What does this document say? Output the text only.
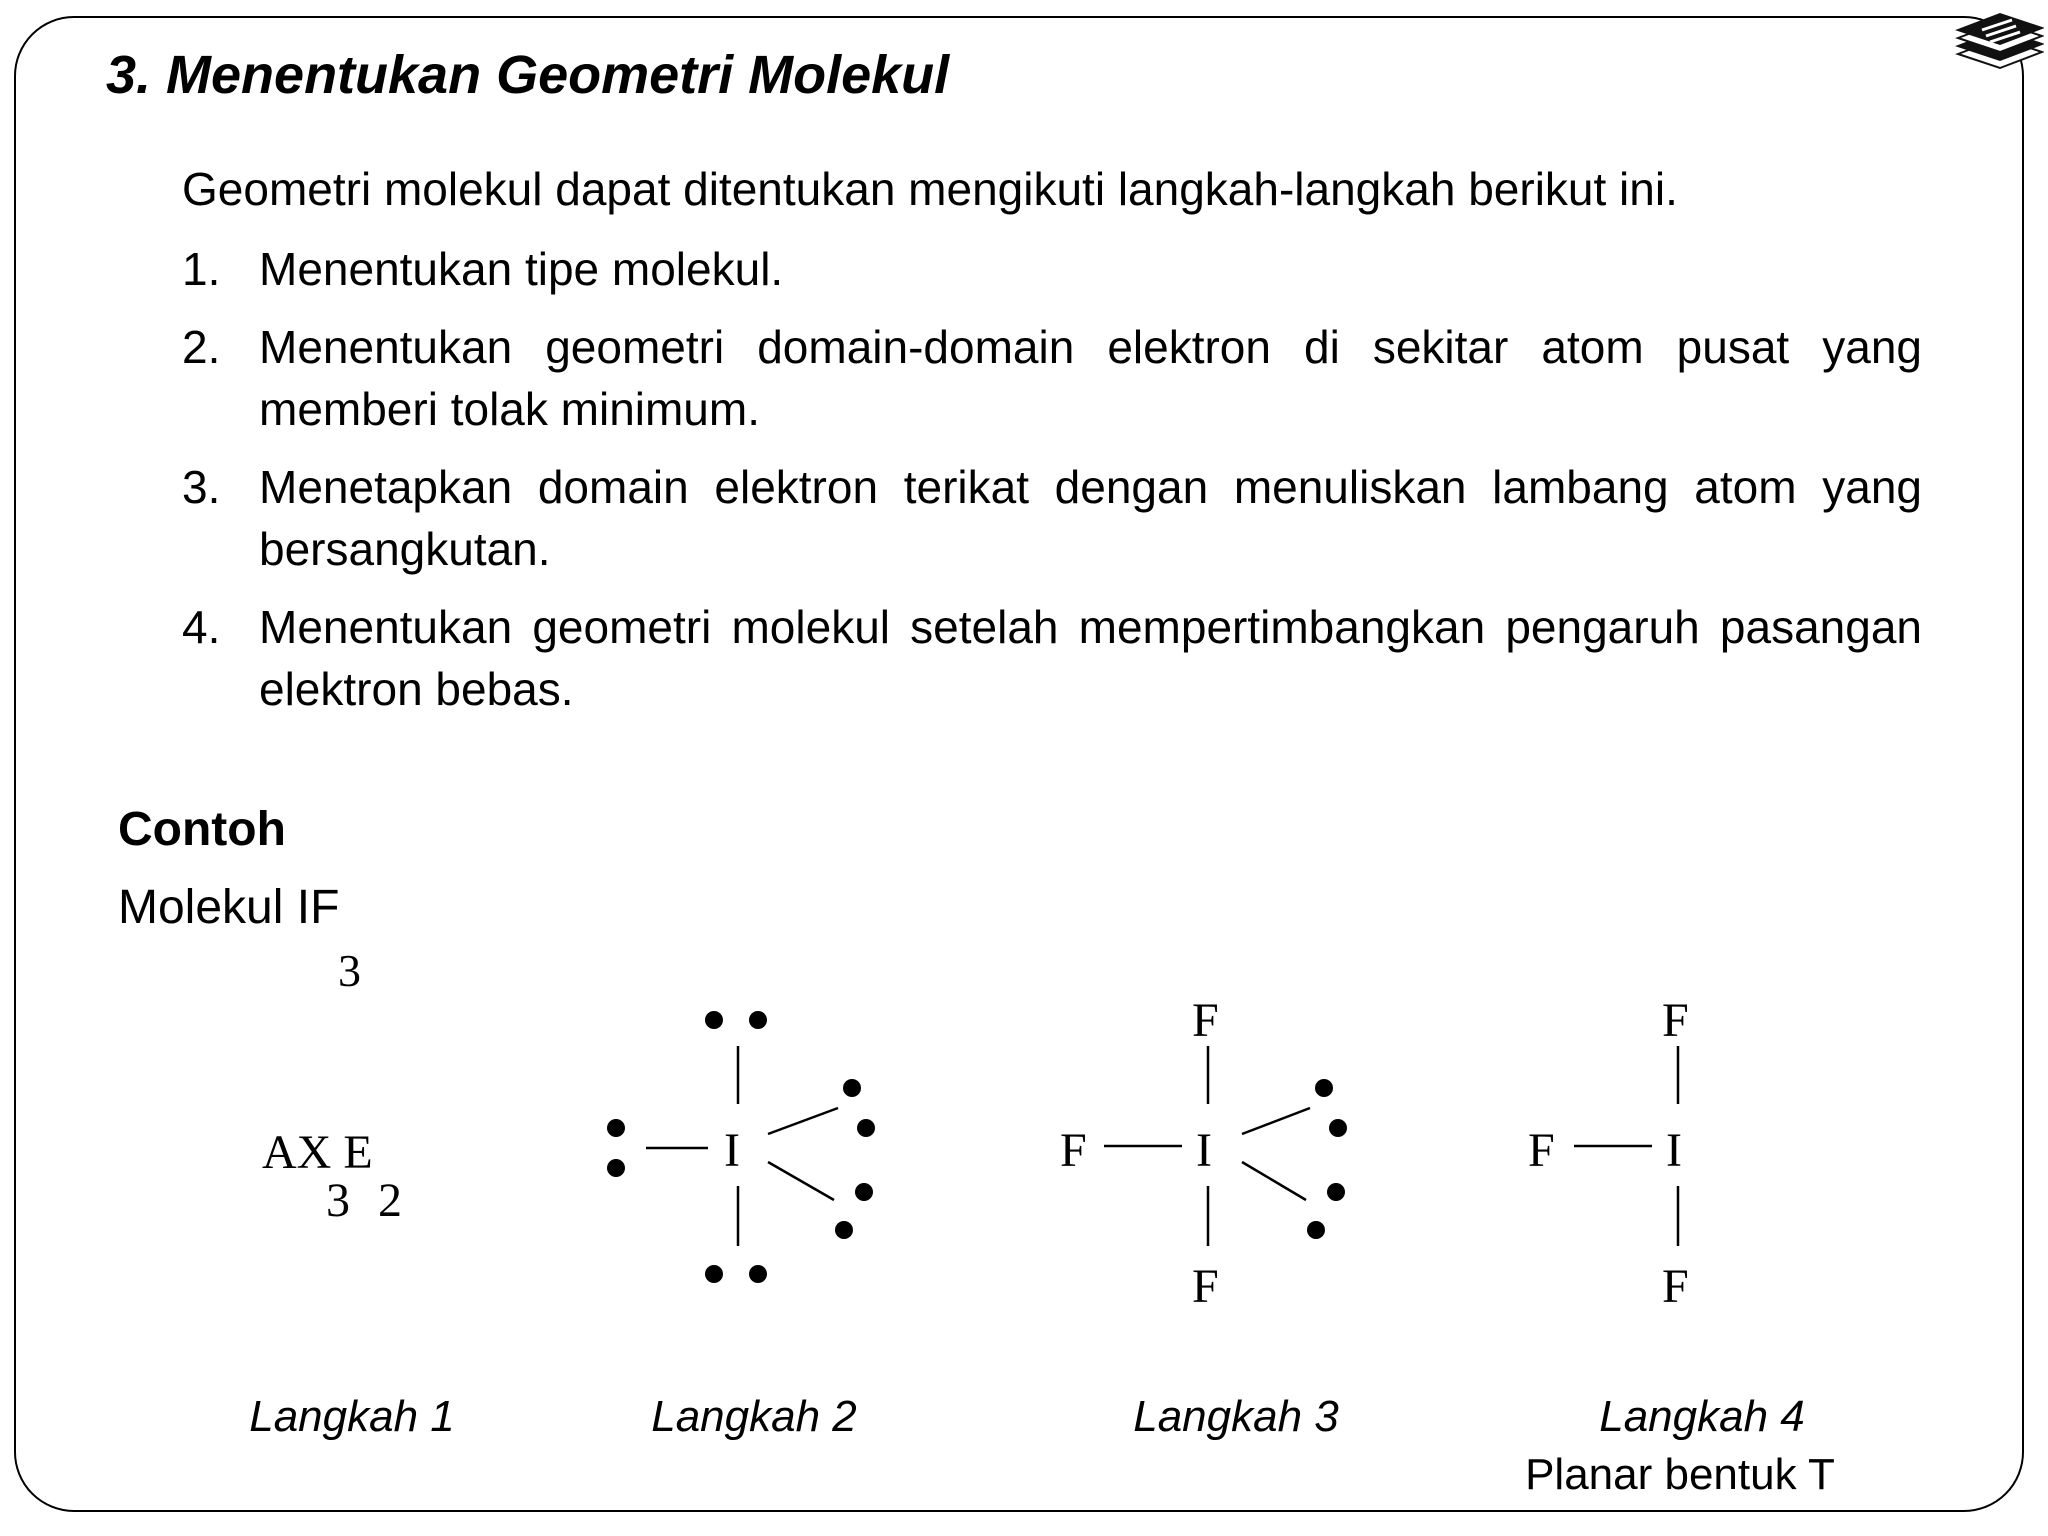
3. Menentukan Geometri Molekul

Geometri molekul dapat ditentukan mengikuti langkah-langkah berikut ini.

1. Menentukan tipe molekul.
2. Menentukan geometri domain-domain elektron di sekitar atom pusat yang memberi tolak minimum.
3. Menetapkan domain elektron terikat dengan menuliskan lambang atom yang bersangkutan.
4. Menentukan geometri molekul setelah mempertimbangkan pengaruh pasangan elektron bebas.

Contoh

Molekul IF

3
AX E
3 2
I
F
F I
F
F
F I
F
Langkah 1	Langkah 2	Langkah 3	Langkah 4
Planar bentuk T
